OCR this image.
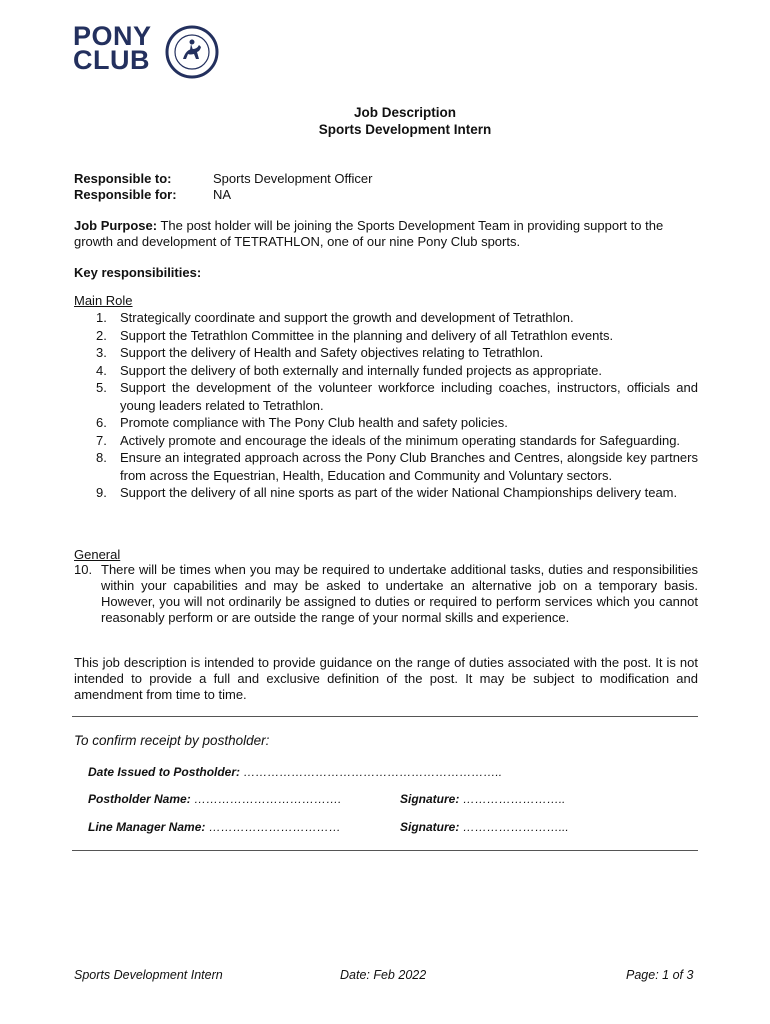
PONY
CLUB
Job Description
Sports Development Intern
Responsible to:	Sports Development Officer
Responsible for:	NA
Job Purpose: The post holder will be joining the Sports Development Team in providing support to the growth and development of TETRATHLON, one of our nine Pony Club sports.
Key responsibilities:
Main Role
1. Strategically coordinate and support the growth and development of Tetrathlon.
2. Support the Tetrathlon Committee in the planning and delivery of all Tetrathlon events.
3. Support the delivery of Health and Safety objectives relating to Tetrathlon.
4. Support the delivery of both externally and internally funded projects as appropriate.
5. Support the development of the volunteer workforce including coaches, instructors, officials and young leaders related to Tetrathlon.
6. Promote compliance with The Pony Club health and safety policies.
7. Actively promote and encourage the ideals of the minimum operating standards for Safeguarding.
8. Ensure an integrated approach across the Pony Club Branches and Centres, alongside key partners from across the Equestrian, Health, Education and Community and Voluntary sectors.
9. Support the delivery of all nine sports as part of the wider National Championships delivery team.
General
10. There will be times when you may be required to undertake additional tasks, duties and responsibilities within your capabilities and may be asked to undertake an alternative job on a temporary basis. However, you will not ordinarily be assigned to duties or required to perform services which you cannot reasonably perform or are outside the range of your normal skills and experience.
This job description is intended to provide guidance on the range of duties associated with the post. It is not intended to provide a full and exclusive definition of the post. It may be subject to modification and amendment from time to time.
To confirm receipt by postholder:
Date Issued to Postholder: ………………………………………………………..
Postholder Name: ……………………………….	Signature: ……………………..
Line Manager Name: ……………………………	Signature: ……………………...
Sports Development Intern	Date: Feb 2022	Page: 1 of 3
